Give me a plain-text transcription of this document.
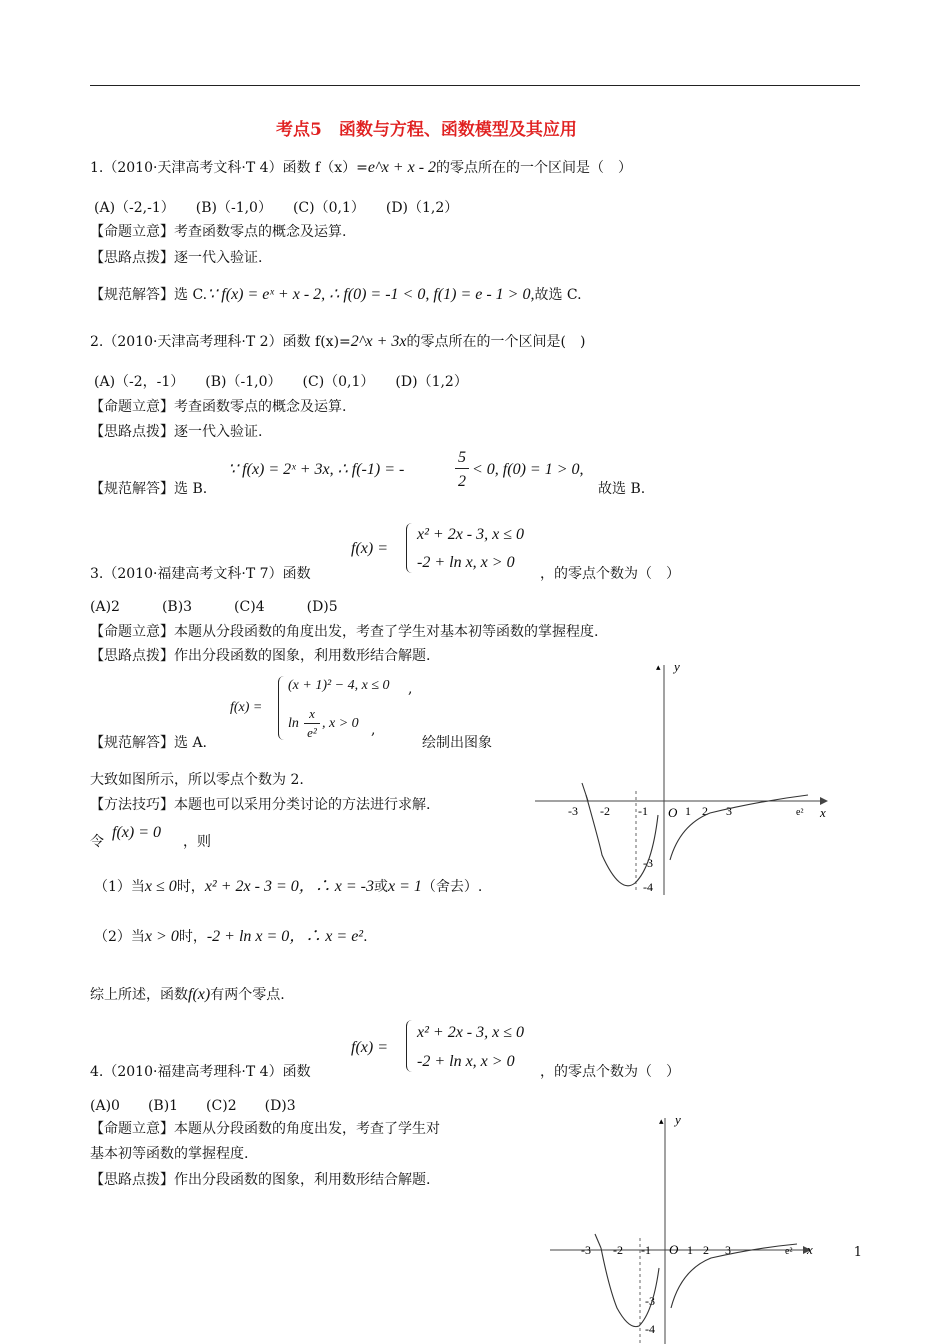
考点5　函数与方程、函数模型及其应用
1.（2010·天津高考文科·T 4）函数 f（x）=e^x + x - 2的零点所在的一个区间是（　）
(A)（-2,-1）　　(B)（-1,0）　　(C)（0,1）　　(D)（1,2）
【命题立意】考查函数零点的概念及运算.
【思路点拨】逐一代入验证.
【规范解答】选 C.∵ f(x) = eˣ + x - 2, ∴ f(0) = -1 < 0, f(1) = e - 1 > 0,故选 C.
2.（2010·天津高考理科·T 2）函数 f(x)=2^x + 3x的零点所在的一个区间是(　)
(A)（-2，-1）　　(B)（-1,0）　　(C)（0,1）　　(D)（1,2）
【命题立意】考查函数零点的概念及运算.
【思路点拨】逐一代入验证.
∵ f(x) = 2ˣ + 3x, ∴ f(-1) = -
5
2
< 0, f(0) = 1 > 0,
【规范解答】选 B.	故选 B.
f(x) =
x² + 2x - 3, x ≤ 0
-2 + ln x, x > 0
3.（2010·福建高考文科·T 7）函数	，的零点个数为（　）
(A)2　　　(B)3　　　(C)4　　　(D)5
【命题立意】本题从分段函数的角度出发，考查了学生对基本初等函数的掌握程度.
【思路点拨】作出分段函数的图象，利用数形结合解题.
f(x) =
(x + 1)² − 4, x ≤ 0
ln
x
e²
, x > 0
,
,
【规范解答】选 A.	绘制出图象
大致如图所示，所以零点个数为 2.
【方法技巧】本题也可以采用分类讨论的方法进行求解.
令
f(x) = 0
，则
（1）当x ≤ 0时，x² + 2x - 3 = 0，∴ x = -3或x = 1（舍去）.
（2）当x > 0时，-2 + ln x = 0，∴ x = e².
综上所述，函数f(x)有两个零点.
f(x) =
x² + 2x - 3, x ≤ 0
-2 + ln x, x > 0
4.（2010·福建高考理科·T 4）函数	，的零点个数为（　）
(A)0　　(B)1　　(C)2　　(D)3
【命题立意】本题从分段函数的角度出发，考查了学生对
基本初等函数的掌握程度.
【思路点拨】作出分段函数的图象，利用数形结合解题.
▴ y
x
O
-3 -2 -1	1 2 3	e²
-3
-4
▴ y
x
O
-3 -2 -1	1 2 3	e²
-3
-4
1
